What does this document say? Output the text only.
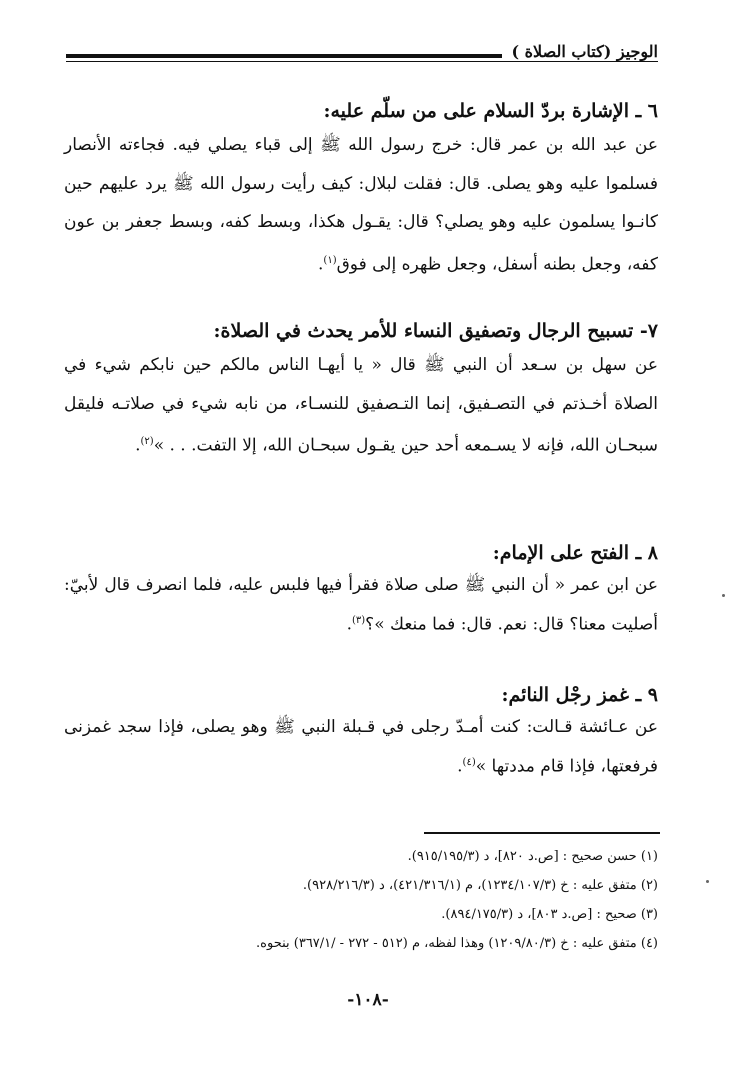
الوجيز (كتاب الصلاة )
٦ ـ الإشارة بردّ السلام على من سلّم عليه:

عن عبد الله بن عمر قال: خرج رسول الله ﷺ إلى قباء يصلي فيه. فجاءته الأنصار فسلموا عليه وهو يصلى. قال: فقلت لبلال: كيف رأيت رسول الله ﷺ يرد عليهم حين كانـوا يسلمون عليه وهو يصلي؟ قال: يقـول هكذا، وبسط كفه، وبسط جعفر بن عون كفه، وجعل بطنه أسفل، وجعل ظهره إلى فوق$^{(١)}$.

٧- تسبيح الرجال وتصفيق النساء للأمر يحدث في الصلاة:

عن سهل بن سـعد أن النبي ﷺ قال « يا أيهـا الناس مالكم حين نابكم شيء في الصلاة أخـذتم في التصـفيق، إنما التـصفيق للنسـاء، من نابه شيء في صلاتـه فليقل سبحـان الله، فإنه لا يسـمعه أحد حين يقـول سبحـان الله، إلا التفت. . . »$^{(٢)}$.

٨ ـ الفتح على الإمام:

عن ابن عمر « أن النبي ﷺ صلى صلاة فقرأ فيها فلبس عليه، فلما انصرف قال لأبيّ: أصليت معنا؟ قال: نعم. قال: فما منعك »؟$^{(٣)}$.

٩ ـ غمز رجْل النائم:

عن عـائشة قـالت: كنت أمـدّ رجلى في قـبلة النبي ﷺ وهو يصلى، فإذا سجد غمزنى فرفعتها، فإذا قام مددتها »$^{(٤)}$.

(١) حسن صحيح : [ص.د ٨٢٠]، د (٩١٥/١٩٥/٣).

(٢) متفق عليه : خ (١٢٣٤/١٠٧/٣)، م (٤٢١/٣١٦/١)، د (٩٢٨/٢١٦/٣).

(٣) صحيح : [ص.د ٨٠٣]، د (٨٩٤/١٧٥/٣).

(٤) متفق عليه : خ (١٢٠٩/٨٠/٣) وهذا لفظه، م (٥١٢ - ٢٧٢ - /٣٦٧/١) بنحوه.

-١٠٨-
